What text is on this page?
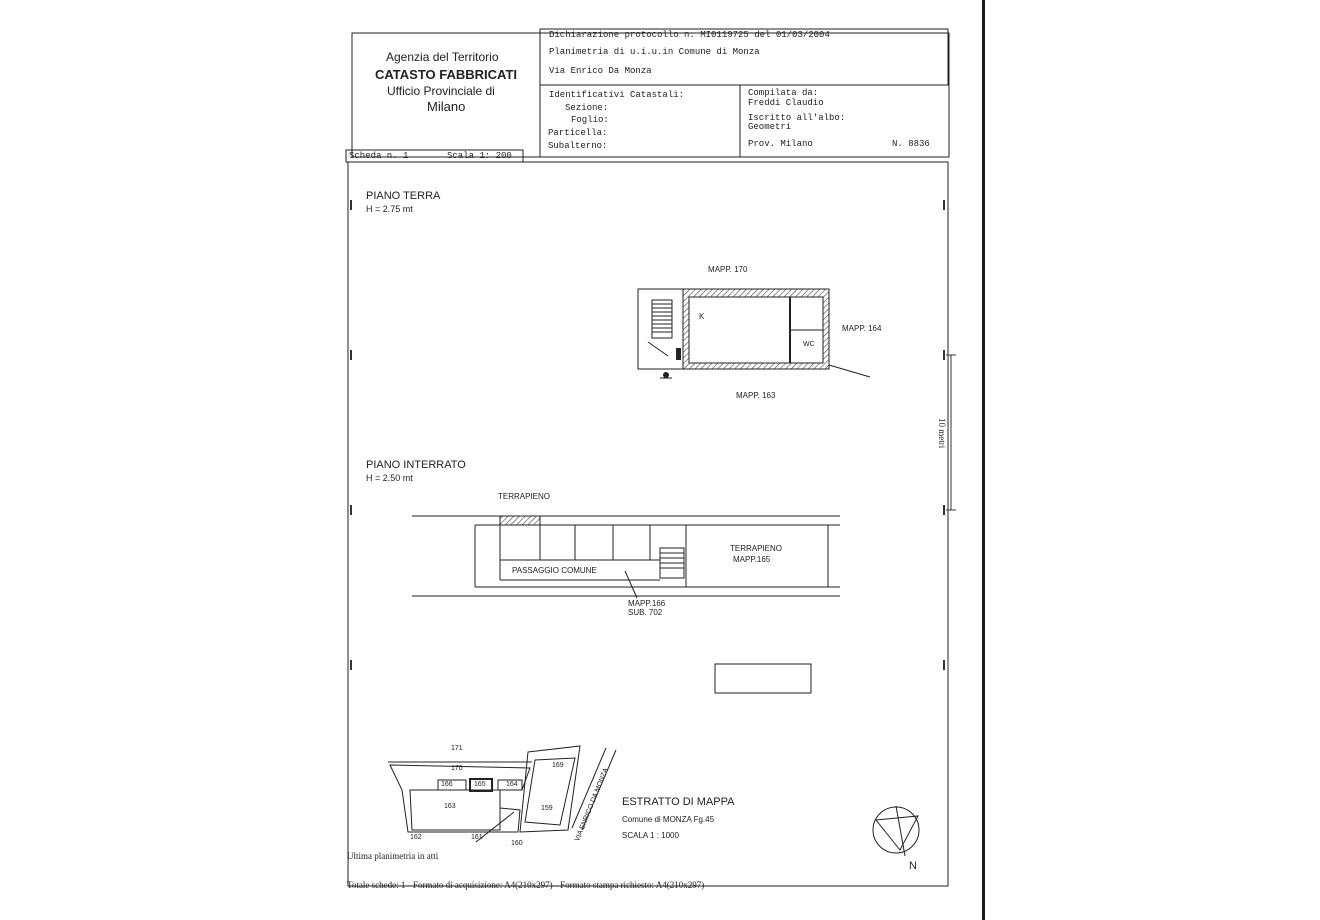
Agenzia del Territorio
CATASTO FABBRICATI
Ufficio Provinciale di
Milano
Dichiarazione protocollo n. MI0119725 del 01/03/2004
Planimetria di u.i.u.in Comune di Monza
Via Enrico Da Monza
Identificativi Catastali:
Sezione:
Foglio:
Particella:
Subalterno:
Compilata da:
Freddi Claudio
Iscritto all'albo:
Geometri
Prov. Milano	N. 8836
Scheda n. 1	Scala 1: 200
PIANO TERRA
H = 2.75 mt
MAPP. 170
MAPP. 164
MAPP. 163
K
WC
10 metri
PIANO INTERRATO
H = 2.50 mt
TERRAPIENO
TERRAPIENO
MAPP.165
PASSAGGIO COMUNE
MAPP.166
SUB. 702
171
170	169
166	165	164
163	159
162	161
160
VIA ENRICO DA MONZA ESTRATTO DI MAPPA
Comune di MONZA Fg.45
SCALA 1 : 1000
N
Ultima planimetria in atti
Totale schede: 1 - Formato di acquisizione: A4(210x297) - Formato stampa richiesto: A4(210x297)
